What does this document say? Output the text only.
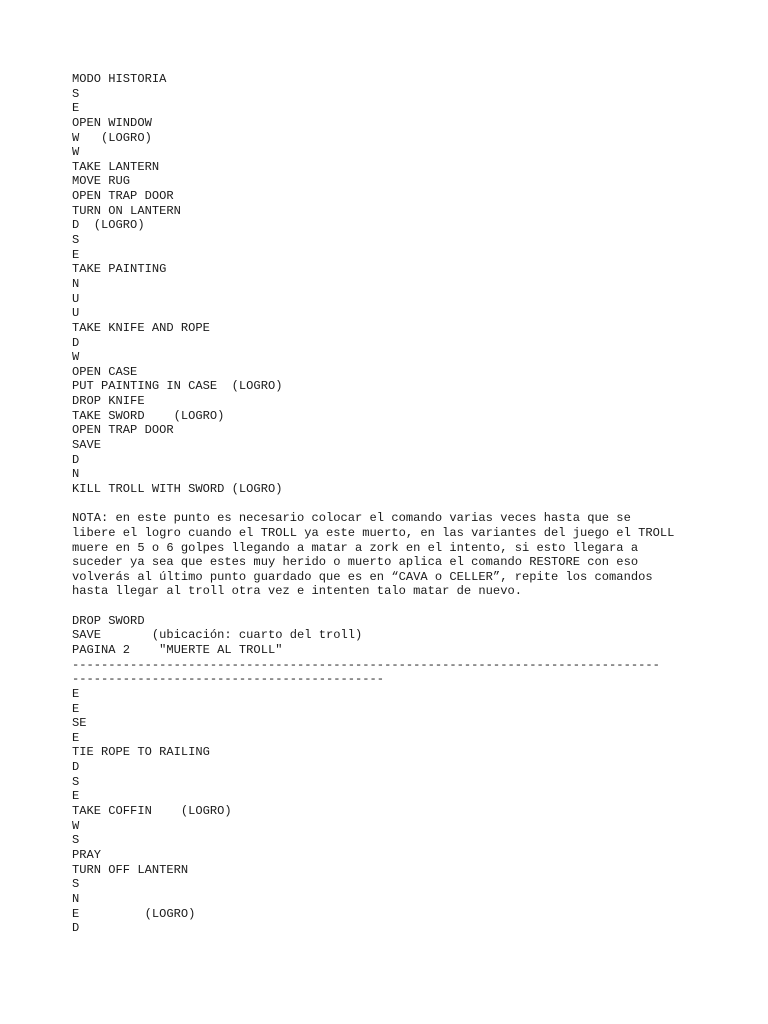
MODO HISTORIA
S
E
OPEN WINDOW
W   (LOGRO)
W
TAKE LANTERN
MOVE RUG
OPEN TRAP DOOR
TURN ON LANTERN
D  (LOGRO)
S
E
TAKE PAINTING
N
U
U
TAKE KNIFE AND ROPE
D
W
OPEN CASE
PUT PAINTING IN CASE  (LOGRO)
DROP KNIFE
TAKE SWORD    (LOGRO)
OPEN TRAP DOOR
SAVE
D
N
KILL TROLL WITH SWORD (LOGRO)
NOTA: en este punto es necesario colocar el comando varias veces hasta que se
libere el logro cuando el TROLL ya este muerto, en las variantes del juego el TROLL
muere en 5 o 6 golpes llegando a matar a zork en el intento, si esto llegara a
suceder ya sea que estes muy herido o muerto aplica el comando RESTORE con eso
volverás al último punto guardado que es en “CAVA o CELLER”, repite los comandos
hasta llegar al troll otra vez e intenten talo matar de nuevo.
DROP SWORD
SAVE       (ubicación: cuarto del troll)
PAGINA 2    "MUERTE AL TROLL"
---------------------------------------------------------------------------------
-------------------------------------------
E
E
SE
E
TIE ROPE TO RAILING
D
S
E
TAKE COFFIN    (LOGRO)
W
S
PRAY
TURN OFF LANTERN
S
N
E         (LOGRO)
D
